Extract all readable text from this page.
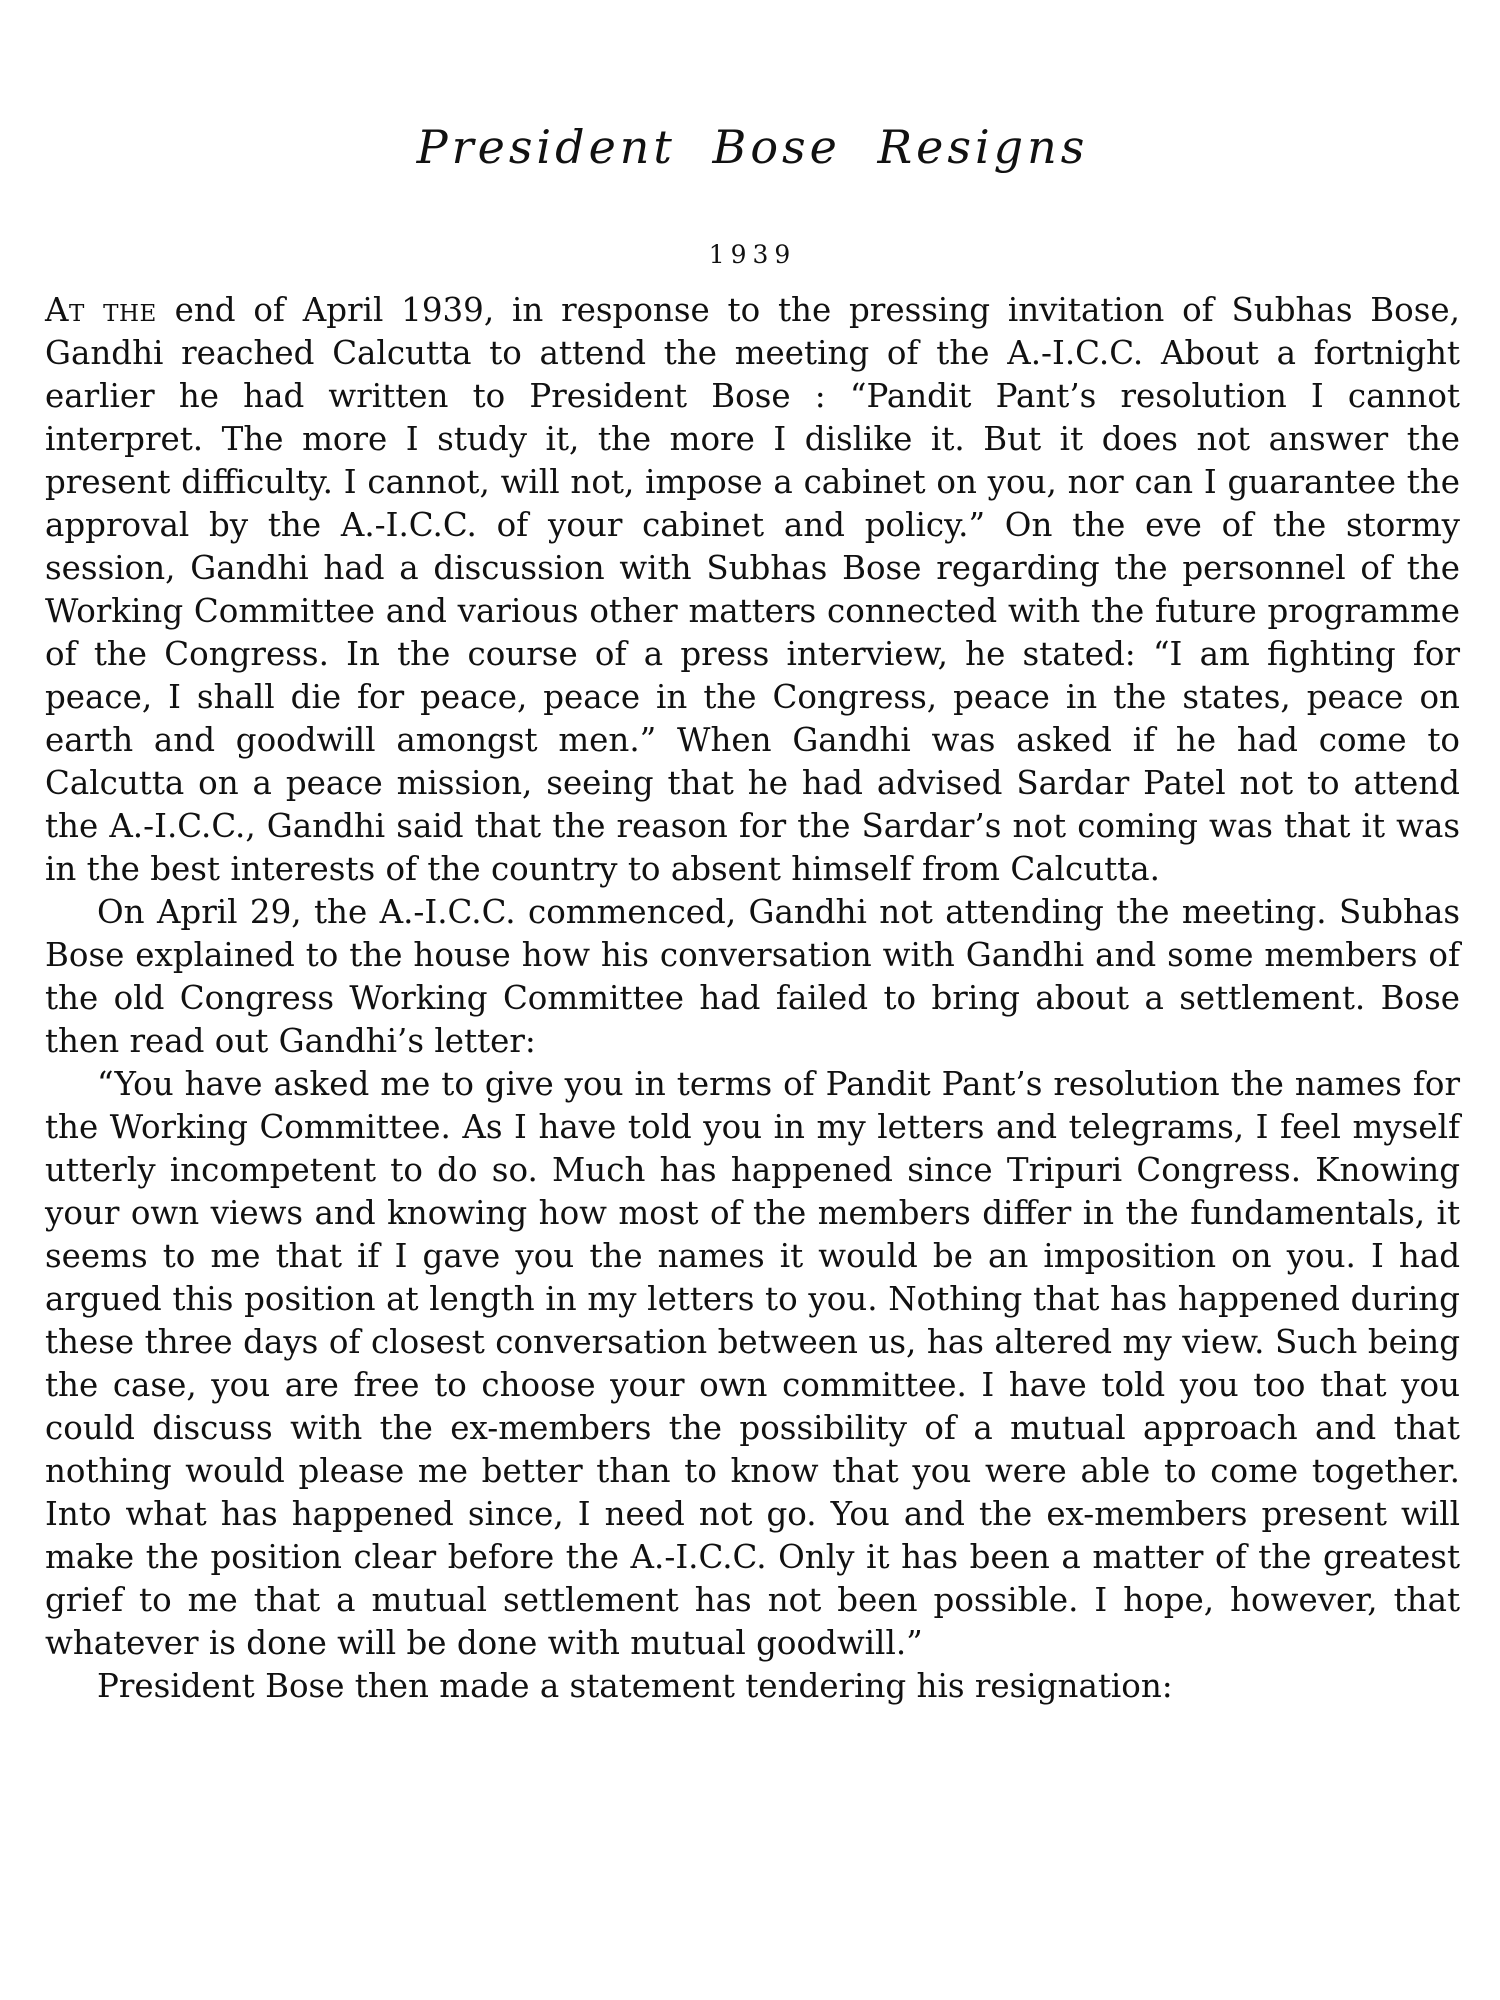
President Bose Resigns
1939

At the end of April 1939, in response to the pressing invitation of Subhas Bose, Gandhi reached Calcutta to attend the meeting of the A.-I.C.C. About a fortnight earlier he had written to President Bose : “Pandit Pant’s resolution I cannot interpret. The more I study it, the more I dislike it. But it does not answer the present difficulty. I cannot, will not, impose a cabinet on you, nor can I guarantee the approval by the A.-I.C.C. of your cabinet and policy.” On the eve of the stormy session, Gandhi had a discussion with Subhas Bose regarding the personnel of the Working Committee and various other matters connected with the future programme of the Congress. In the course of a press interview, he stated: “I am fighting for peace, I shall die for peace, peace in the Congress, peace in the states, peace on earth and goodwill amongst men.” When Gandhi was asked if he had come to Calcutta on a peace mission, seeing that he had advised Sardar Patel not to attend the A.-I.C.C., Gandhi said that the reason for the Sardar’s not coming was that it was in the best interests of the country to absent himself from Calcutta.

On April 29, the A.-I.C.C. commenced, Gandhi not attending the meeting. Subhas Bose explained to the house how his conversation with Gandhi and some members of the old Congress Working Committee had failed to bring about a settlement. Bose then read out Gandhi’s letter:

“You have asked me to give you in terms of Pandit Pant’s resolution the names for the Working Committee. As I have told you in my letters and telegrams, I feel myself utterly incompetent to do so. Much has happened since Tripuri Congress. Knowing your own views and knowing how most of the members differ in the fundamentals, it seems to me that if I gave you the names it would be an imposition on you. I had argued this position at length in my letters to you. Nothing that has happened during these three days of closest conversation between us, has altered my view. Such being the case, you are free to choose your own committee. I have told you too that you could discuss with the ex-members the possibility of a mutual approach and that nothing would please me better than to know that you were able to come together. Into what has happened since, I need not go. You and the ex-members present will make the position clear before the A.-I.C.C. Only it has been a matter of the greatest grief to me that a mutual settlement has not been possible. I hope, however, that whatever is done will be done with mutual goodwill.”

President Bose then made a statement tendering his resignation:
